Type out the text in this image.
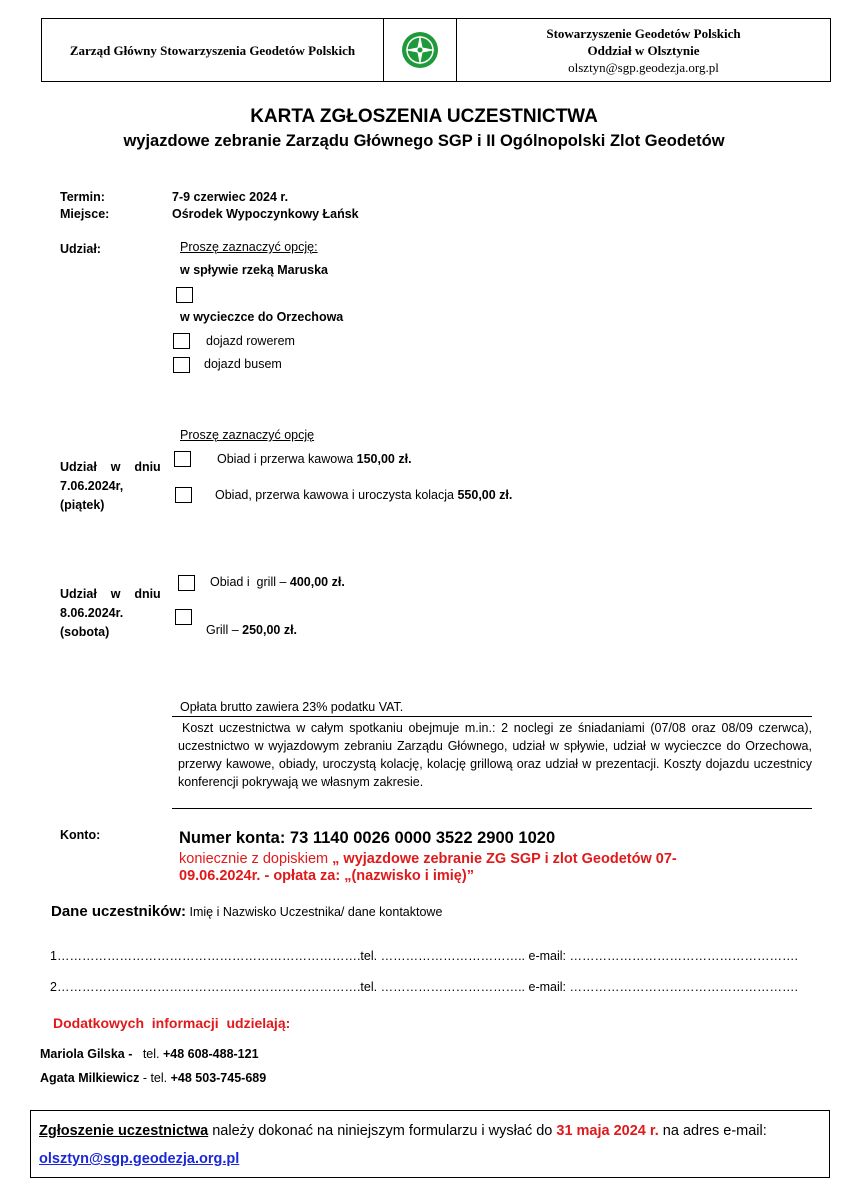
Zarząd Główny Stowarzyszenia Geodetów Polskich
Stowarzyszenie Geodetów Polskich
Oddział w Olsztynie
olsztyn@sgp.geodezja.org.pl
KARTA ZGŁOSZENIA UCZESTNICTWA
wyjazdowe zebranie Zarządu Głównego SGP i II Ogólnopolski Zlot Geodetów
Termin:	7-9 czerwiec 2024 r.
Miejsce:	Ośrodek Wypoczynkowy Łańsk
Udział:	Proszę zaznaczyć opcję:
w spływie rzeką Maruska
w wycieczce do Orzechowa
dojazd rowerem
dojazd busem
Proszę zaznaczyć opcję
Udział    w    dniu
7.06.2024r,
(piątek)
Obiad i przerwa kawowa 150,00 zł.
Obiad, przerwa kawowa i uroczysta kolacja 550,00 zł.
Udział    w    dniu
8.06.2024r.
(sobota)
Obiad i  grill – 400,00 zł.
Grill – 250,00 zł.
Opłata brutto zawiera 23% podatku VAT.
Koszt uczestnictwa w całym spotkaniu obejmuje m.in.: 2 noclegi ze śniadaniami (07/08 oraz 08/09 czerwca), uczestnictwo w wyjazdowym zebraniu Zarządu Głównego, udział w spływie, udział w wycieczce do Orzechowa, przerwy kawowe, obiady, uroczystą kolację, kolację grillową oraz udział w prezentacji. Koszty dojazdu uczestnicy konferencji pokrywają we własnym zakresie.
Konto:	Numer konta: 73 1140 0026 0000 3522 2900 1020
koniecznie z dopiskiem „ wyjazdowe zebranie ZG SGP i zlot Geodetów 07-
09.06.2024r. - opłata za: „(nazwisko i imię)”
Dane uczestników: Imię i Nazwisko Uczestnika/ dane kontaktowe
1……………………………………………………………….tel. …………………………….. e-mail: ……………………………………………….
2……………………………………………………………….tel. …………………………….. e-mail: ……………………………………………….
Dodatkowych  informacji  udzielają:
Mariola Gilska -   tel. +48 608-488-121
Agata Milkiewicz - tel. +48 503-745-689
Zgłoszenie uczestnictwa należy dokonać na niniejszym formularzu i wysłać do 31 maja 2024 r. na adres e-mail: olsztyn@sgp.geodezja.org.pl
